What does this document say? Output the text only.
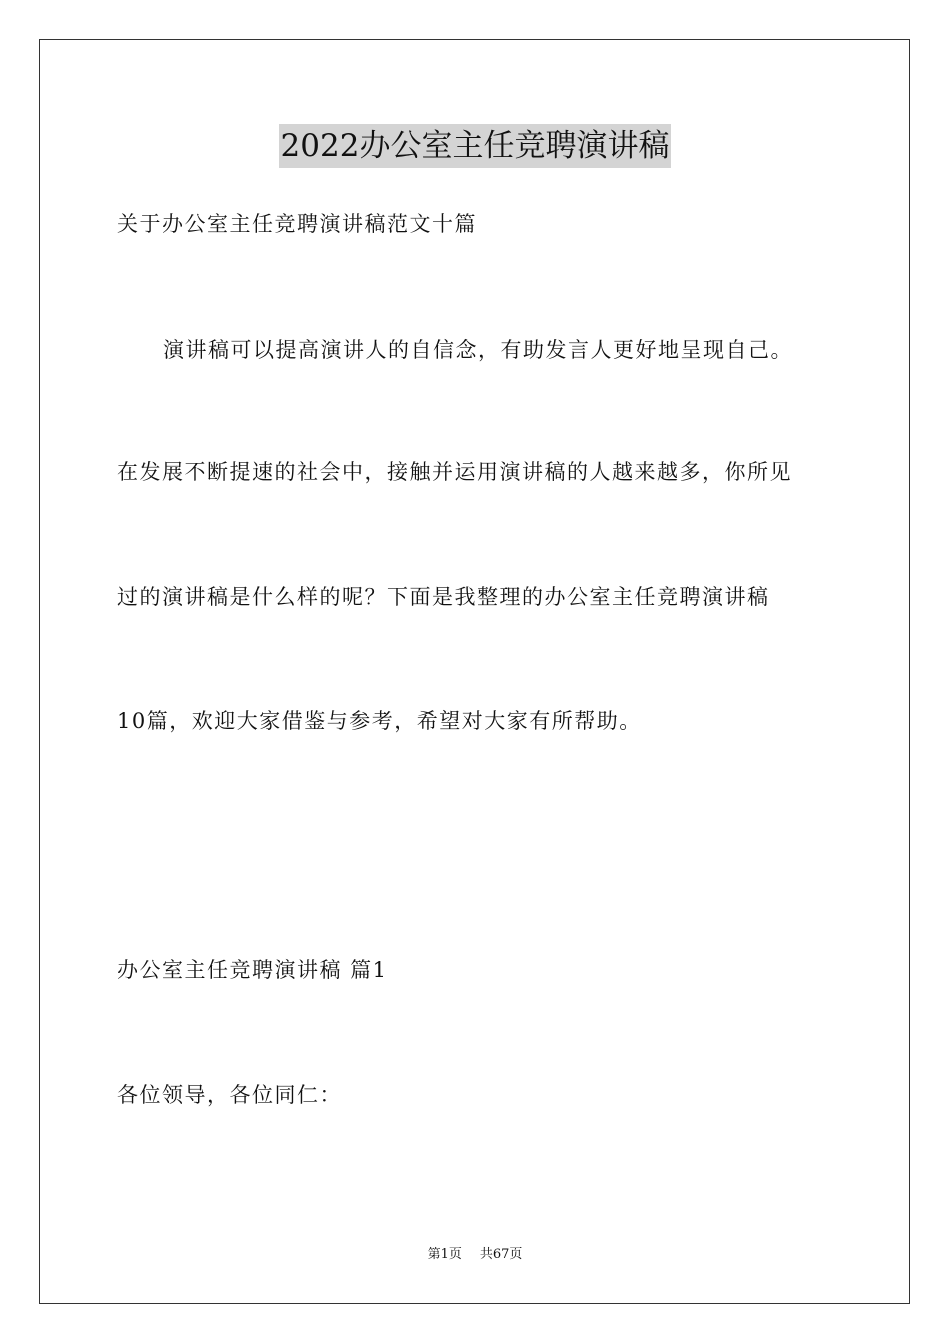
2022办公室主任竞聘演讲稿
关于办公室主任竞聘演讲稿范文十篇
演讲稿可以提高演讲人的自信念，有助发言人更好地呈现自己。
在发展不断提速的社会中，接触并运用演讲稿的人越来越多，你所见
过的演讲稿是什么样的呢？下面是我整理的办公室主任竞聘演讲稿
10篇，欢迎大家借鉴与参考，希望对大家有所帮助。
办公室主任竞聘演讲稿 篇1
各位领导，各位同仁：
第1页 共67页
